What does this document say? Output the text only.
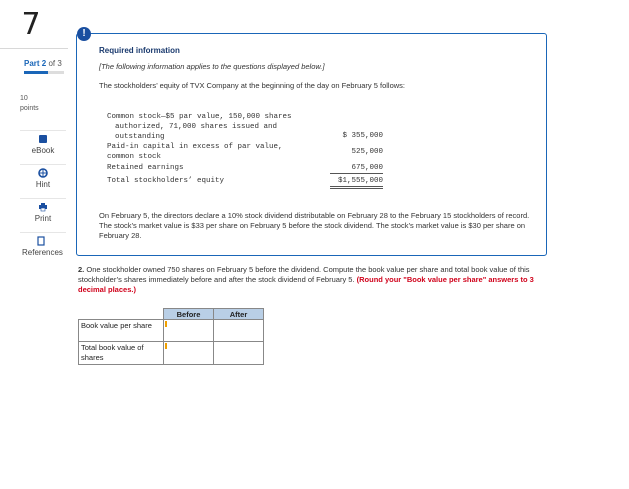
7
Part 2 of 3
10
points
eBook
Hint
Print
References
!
Required information
[The following information applies to the questions displayed below.]
The stockholders’ equity of TVX Company at the beginning of the day on February 5 follows:
Common stock—$5 par value, 150,000 shares
authorized, 71,000 shares issued and
outstanding	$ 355,000
Paid-in capital in excess of par value,
common stock
525,000
Retained earnings	675,000
Total stockholders’ equity	$1,555,000
On February 5, the directors declare a 10% stock dividend distributable on February 28 to the February 15 stockholders of record. The stock’s market value is $33 per share on February 5 before the stock dividend. The stock’s market value is $30 per share on February 28.
2. One stockholder owned 750 shares on February 5 before the dividend. Compute the book value per share and total book value of this stockholder’s shares immediately before and after the stock dividend of February 5. (Round your "Book value per share" answers to 3 decimal places.)
	Before	After
Book value per share	

Total book value of shares	
